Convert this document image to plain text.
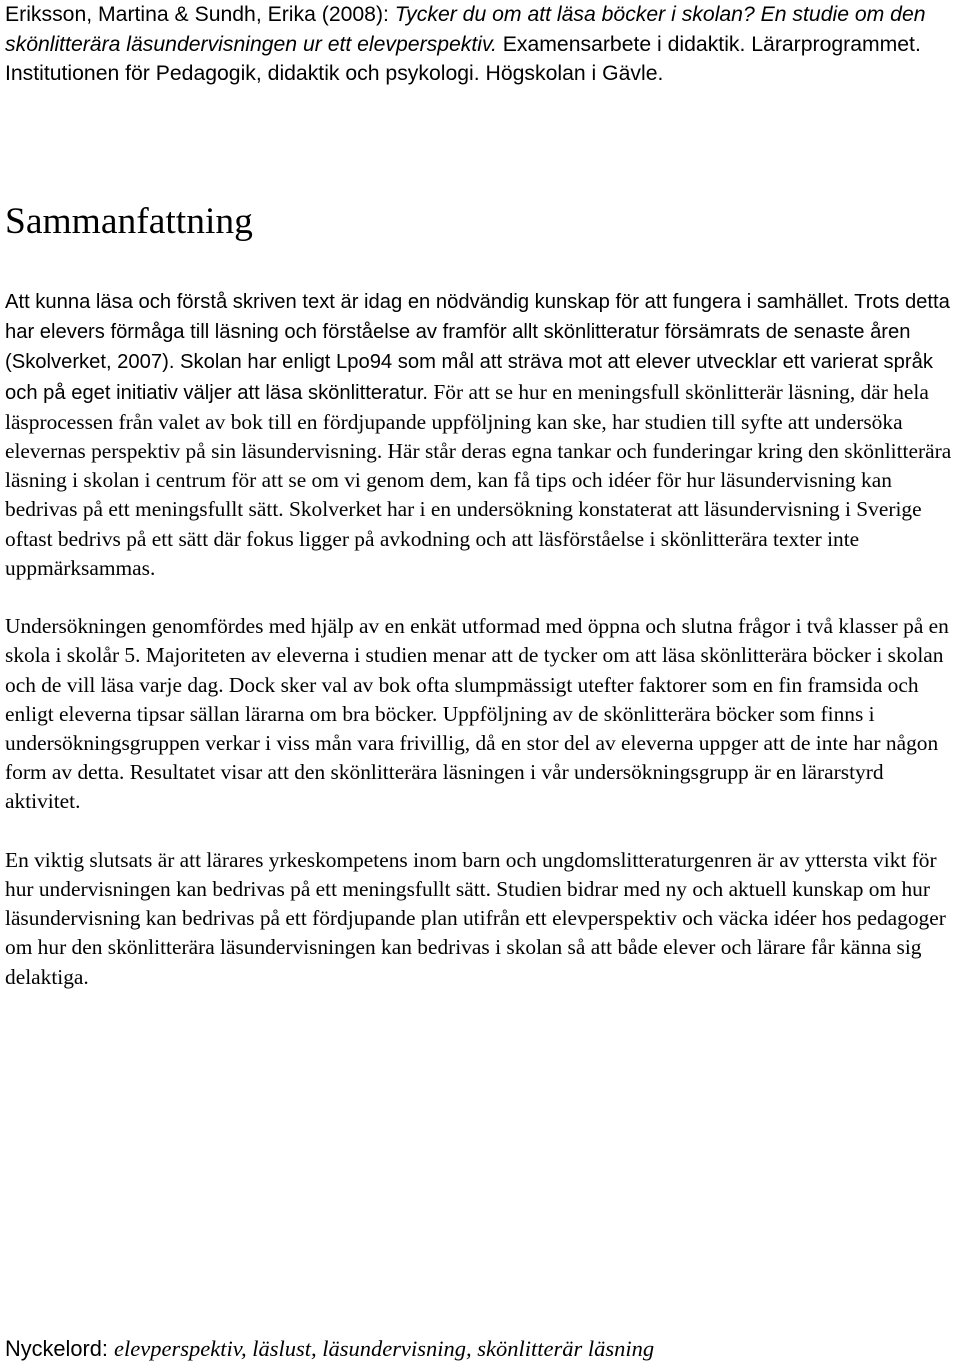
Eriksson, Martina & Sundh, Erika (2008): Tycker du om att läsa böcker i skolan? En studie om den skönlitterära läsundervisningen ur ett elevperspektiv. Examensarbete i didaktik. Lärarprogrammet. Institutionen för Pedagogik, didaktik och psykologi. Högskolan i Gävle.
Sammanfattning

Att kunna läsa och förstå skriven text är idag en nödvändig kunskap för att fungera i samhället. Trots detta har elevers förmåga till läsning och förståelse av framför allt skönlitteratur försämrats de senaste åren (Skolverket, 2007). Skolan har enligt Lpo94 som mål att sträva mot att elever utvecklar ett varierat språk och på eget initiativ väljer att läsa skönlitteratur. För att se hur en meningsfull skönlitterär läsning, där hela läsprocessen från valet av bok till en fördjupande uppföljning kan ske, har studien till syfte att undersöka elevernas perspektiv på sin läsundervisning. Här står deras egna tankar och funderingar kring den skönlitterära läsning i skolan i centrum för att se om vi genom dem, kan få tips och idéer för hur läsundervisning kan bedrivas på ett meningsfullt sätt. Skolverket har i en undersökning konstaterat att läsundervisning i Sverige oftast bedrivs på ett sätt där fokus ligger på avkodning och att läsförståelse i skönlitterära texter inte uppmärksammas.

Undersökningen genomfördes med hjälp av en enkät utformad med öppna och slutna frågor i två klasser på en skola i skolår 5. Majoriteten av eleverna i studien menar att de tycker om att läsa skönlitterära böcker i skolan och de vill läsa varje dag. Dock sker val av bok ofta slumpmässigt utefter faktorer som en fin framsida och enligt eleverna tipsar sällan lärarna om bra böcker. Uppföljning av de skönlitterära böcker som finns i undersökningsgruppen verkar i viss mån vara frivillig, då en stor del av eleverna uppger att de inte har någon form av detta. Resultatet visar att den skönlitterära läsningen i vår undersökningsgrupp är en lärarstyrd aktivitet.

En viktig slutsats är att lärares yrkeskompetens inom barn och ungdomslitteraturgenren är av yttersta vikt för hur undervisningen kan bedrivas på ett meningsfullt sätt. Studien bidrar med ny och aktuell kunskap om hur läsundervisning kan bedrivas på ett fördjupande plan utifrån ett elevperspektiv och väcka idéer hos pedagoger om hur den skönlitterära läsundervisningen kan bedrivas i skolan så att både elever och lärare får känna sig delaktiga.

Nyckelord: elevperspektiv, läslust, läsundervisning, skönlitterär läsning
